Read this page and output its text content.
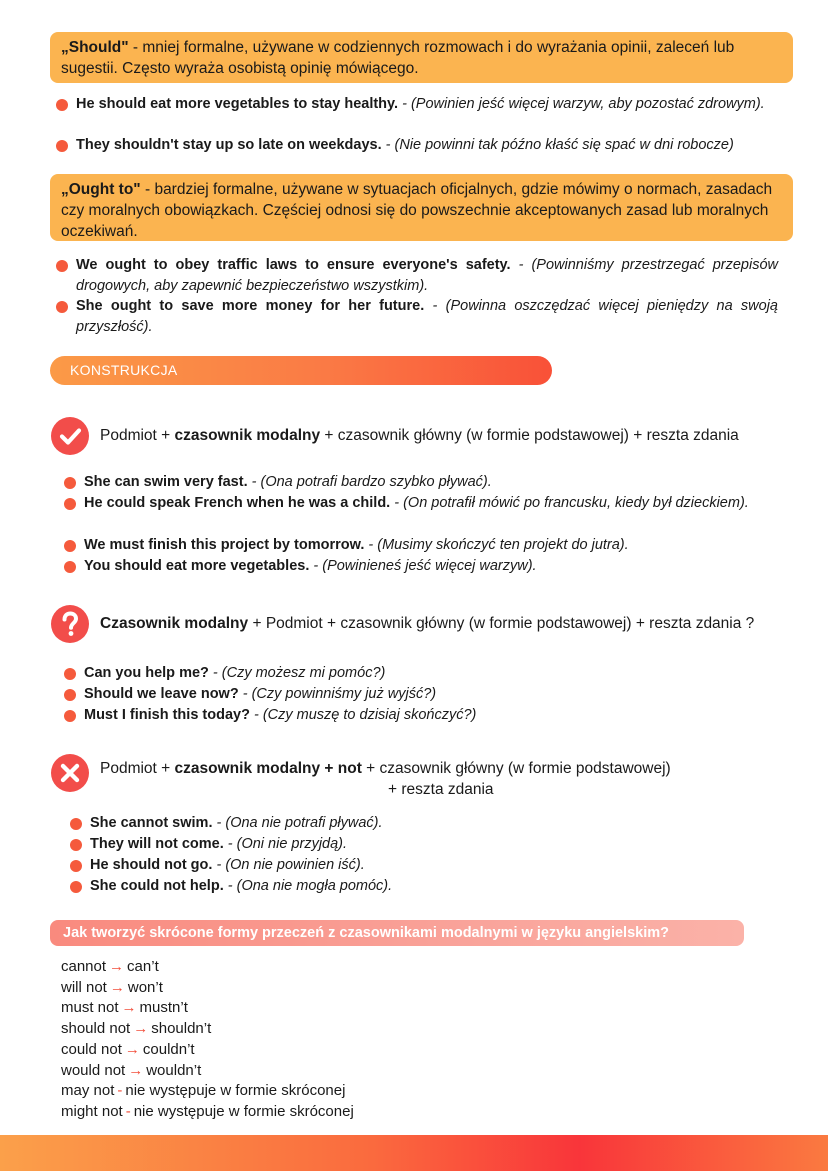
„Should" - mniej formalne, używane w codziennych rozmowach i do wyrażania opinii, zaleceń lub sugestii. Często wyraża osobistą opinię mówiącego.
He should eat more vegetables to stay healthy. - (Powinien jeść więcej warzyw, aby pozostać zdrowym).
They shouldn't stay up so late on weekdays. - (Nie powinni tak późno kłaść się spać w dni robocze)
„Ought to" - bardziej formalne, używane w sytuacjach oficjalnych, gdzie mówimy o normach, zasadach czy moralnych obowiązkach. Częściej odnosi się do powszechnie akceptowanych zasad lub moralnych oczekiwań.
We ought to obey traffic laws to ensure everyone's safety. - (Powinniśmy przestrzegać przepisów drogowych, aby zapewnić bezpieczeństwo wszystkim).
She ought to save more money for her future. - (Powinna oszczędzać więcej pieniędzy na swoją przyszłość).
KONSTRUKCJA
Podmiot + czasownik modalny + czasownik główny (w formie podstawowej) + reszta zdania
She can swim very fast. - (Ona potrafi bardzo szybko pływać).
He could speak French when he was a child. - (On potrafił mówić po francusku, kiedy był dzieckiem).
We must finish this project by tomorrow. - (Musimy skończyć ten projekt do jutra).
You should eat more vegetables. - (Powinieneś jeść więcej warzyw).
Czasownik modalny + Podmiot + czasownik główny (w formie podstawowej) + reszta zdania ?
Can you help me? - (Czy możesz mi pomóc?)
Should we leave now? - (Czy powinniśmy już wyjść?)
Must I finish this today? - (Czy muszę to dzisiaj skończyć?)
Podmiot + czasownik modalny + not + czasownik główny (w formie podstawowej)
+ reszta zdania
She cannot swim. - (Ona nie potrafi pływać).
They will not come. - (Oni nie przyjdą).
He should not go. - (On nie powinien iść).
She could not help. - (Ona nie mogła pomóc).
Jak tworzyć skrócone formy przeczeń z czasownikami modalnymi w języku angielskim?
cannot → can’t
will not → won’t
must not → mustn’t
should not → shouldn’t
could not → couldn’t
would not → wouldn’t
may not - nie występuje w formie skróconej
might not - nie występuje w formie skróconej
